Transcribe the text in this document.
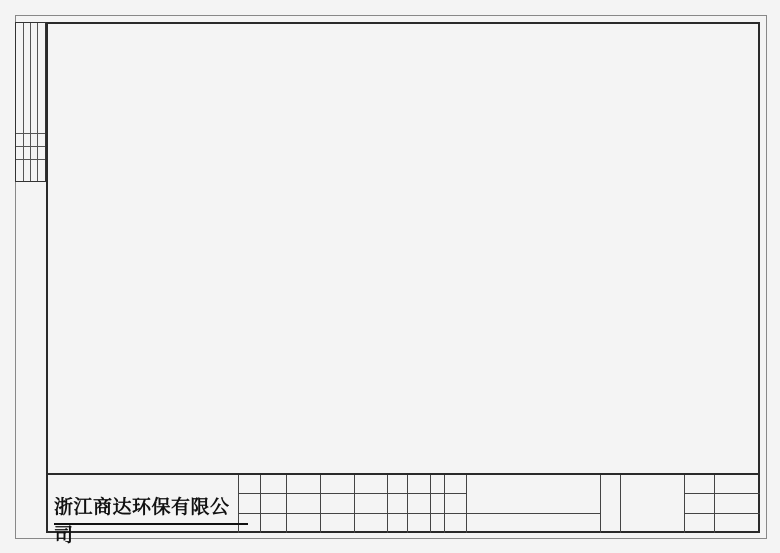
浙江商达环保有限公司
